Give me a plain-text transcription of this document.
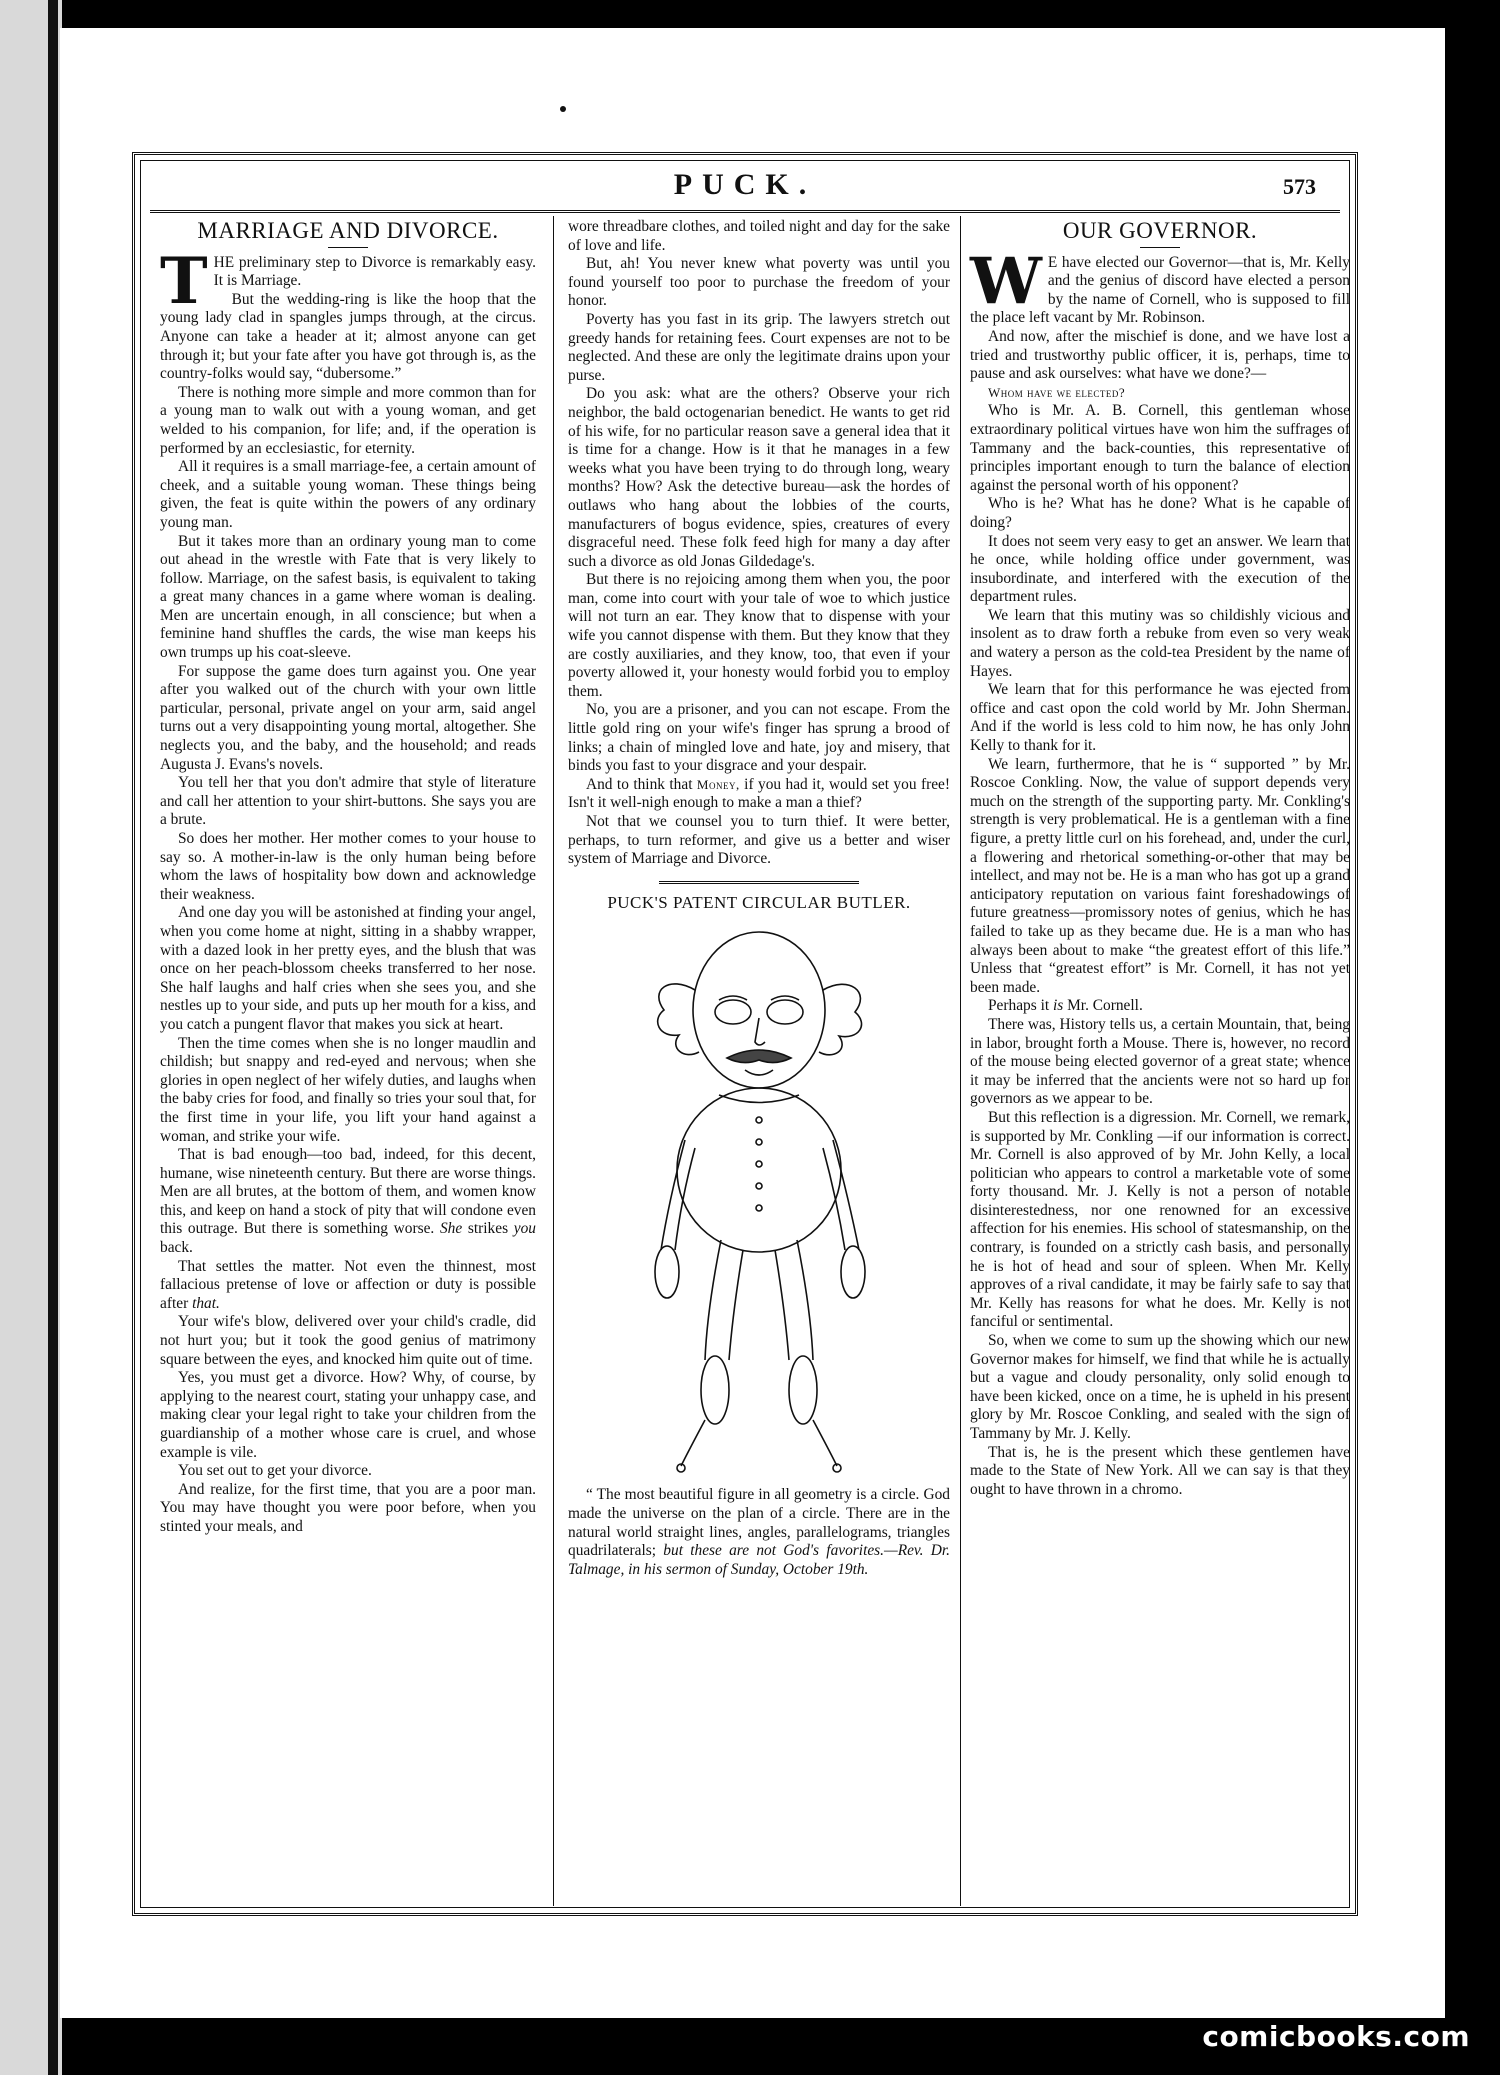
PUCK.	573
MARRIAGE AND DIVORCE.

THE preliminary step to Divorce is remarkably easy. It is Marriage.

But the wedding-ring is like the hoop that the young lady clad in spangles jumps through, at the circus. Anyone can take a header at it; almost anyone can get through it; but your fate after you have got through is, as the country-folks would say, “dubersome.”

There is nothing more simple and more common than for a young man to walk out with a young woman, and get welded to his companion, for life; and, if the operation is performed by an ecclesiastic, for eternity.

All it requires is a small marriage-fee, a certain amount of cheek, and a suitable young woman. These things being given, the feat is quite within the powers of any ordinary young man.

But it takes more than an ordinary young man to come out ahead in the wrestle with Fate that is very likely to follow. Marriage, on the safest basis, is equivalent to taking a great many chances in a game where woman is dealing. Men are uncertain enough, in all conscience; but when a feminine hand shuffles the cards, the wise man keeps his own trumps up his coat-sleeve.

For suppose the game does turn against you. One year after you walked out of the church with your own little particular, personal, private angel on your arm, said angel turns out a very disappointing young mortal, altogether. She neglects you, and the baby, and the household; and reads Augusta J. Evans's novels.

You tell her that you don't admire that style of literature and call her attention to your shirt-buttons. She says you are a brute.

So does her mother. Her mother comes to your house to say so. A mother-in-law is the only human being before whom the laws of hospitality bow down and acknowledge their weakness.

And one day you will be astonished at finding your angel, when you come home at night, sitting in a shabby wrapper, with a dazed look in her pretty eyes, and the blush that was once on her peach-blossom cheeks transferred to her nose. She half laughs and half cries when she sees you, and she nestles up to your side, and puts up her mouth for a kiss, and you catch a pungent flavor that makes you sick at heart.

Then the time comes when she is no longer maudlin and childish; but snappy and red-eyed and nervous; when she glories in open neglect of her wifely duties, and laughs when the baby cries for food, and finally so tries your soul that, for the first time in your life, you lift your hand against a woman, and strike your wife.

That is bad enough—too bad, indeed, for this decent, humane, wise nineteenth century. But there are worse things. Men are all brutes, at the bottom of them, and women know this, and keep on hand a stock of pity that will condone even this outrage. But there is something worse. She strikes you back.

That settles the matter. Not even the thinnest, most fallacious pretense of love or affection or duty is possible after that.

Your wife's blow, delivered over your child's cradle, did not hurt you; but it took the good genius of matrimony square between the eyes, and knocked him quite out of time.

Yes, you must get a divorce. How? Why, of course, by applying to the nearest court, stating your unhappy case, and making clear your legal right to take your children from the guardianship of a mother whose care is cruel, and whose example is vile.

You set out to get your divorce.

And realize, for the first time, that you are a poor man. You may have thought you were poor before, when you stinted your meals, and

wore threadbare clothes, and toiled night and day for the sake of love and life.

But, ah! You never knew what poverty was until you found yourself too poor to purchase the freedom of your honor.

Poverty has you fast in its grip. The lawyers stretch out greedy hands for retaining fees. Court expenses are not to be neglected. And these are only the legitimate drains upon your purse.

Do you ask: what are the others? Observe your rich neighbor, the bald octogenarian benedict. He wants to get rid of his wife, for no particular reason save a general idea that it is time for a change. How is it that he manages in a few weeks what you have been trying to do through long, weary months? How? Ask the detective bureau—ask the hordes of outlaws who hang about the lobbies of the courts, manufacturers of bogus evidence, spies, creatures of every disgraceful need. These folk feed high for many a day after such a divorce as old Jonas Gildedage's.

But there is no rejoicing among them when you, the poor man, come into court with your tale of woe to which justice will not turn an ear. They know that to dispense with your wife you cannot dispense with them. But they know that they are costly auxiliaries, and they know, too, that even if your poverty allowed it, your honesty would forbid you to employ them.

No, you are a prisoner, and you can not escape. From the little gold ring on your wife's finger has sprung a brood of links; a chain of mingled love and hate, joy and misery, that binds you fast to your disgrace and your despair.

And to think that Money, if you had it, would set you free! Isn't it well-nigh enough to make a man a thief?

Not that we counsel you to turn thief. It were better, perhaps, to turn reformer, and give us a better and wiser system of Marriage and Divorce.

PUCK'S PATENT CIRCULAR BUTLER.

“ The most beautiful figure in all geometry is a circle. God made the universe on the plan of a circle. There are in the natural world straight lines, angles, parallelograms, triangles quadrilaterals; but these are not God's favorites.—Rev. Dr. Talmage, in his sermon of Sunday, October 19th.

OUR GOVERNOR.

W E have elected our Governor—that is, Mr. Kelly and the genius of discord have elected a person by the name of Cornell, who is supposed to fill the place left vacant by Mr. Robinson.

And now, after the mischief is done, and we have lost a tried and trustworthy public officer, it is, perhaps, time to pause and ask ourselves: what have we done?—

Whom have we elected?

Who is Mr. A. B. Cornell, this gentleman whose extraordinary political virtues have won him the suffrages of Tammany and the back-counties, this representative of principles important enough to turn the balance of election against the personal worth of his opponent?

Who is he? What has he done? What is he capable of doing?

It does not seem very easy to get an answer. We learn that he once, while holding office under government, was insubordinate, and interfered with the execution of the department rules.

We learn that this mutiny was so childishly vicious and insolent as to draw forth a rebuke from even so very weak and watery a person as the cold-tea President by the name of Hayes.

We learn that for this performance he was ejected from office and cast opon the cold world by Mr. John Sherman. And if the world is less cold to him now, he has only John Kelly to thank for it.

We learn, furthermore, that he is “ supported ” by Mr. Roscoe Conkling. Now, the value of support depends very much on the strength of the supporting party. Mr. Conkling's strength is very problematical. He is a gentleman with a fine figure, a pretty little curl on his forehead, and, under the curl, a flowering and rhetorical something-or-other that may be intellect, and may not be. He is a man who has got up a grand anticipatory reputation on various faint foreshadowings of future greatness—promissory notes of genius, which he has failed to take up as they became due. He is a man who has always been about to make “the greatest effort of this life.” Unless that “greatest effort” is Mr. Cornell, it has not yet been made.

Perhaps it is Mr. Cornell.

There was, History tells us, a certain Mountain, that, being in labor, brought forth a Mouse. There is, however, no record of the mouse being elected governor of a great state; whence it may be inferred that the ancients were not so hard up for governors as we appear to be.

But this reflection is a digression. Mr. Cornell, we remark, is supported by Mr. Conkling —if our information is correct. Mr. Cornell is also approved of by Mr. John Kelly, a local politician who appears to control a marketable vote of some forty thousand. Mr. J. Kelly is not a person of notable disinterestedness, nor one renowned for an excessive affection for his enemies. His school of statesmanship, on the contrary, is founded on a strictly cash basis, and personally he is hot of head and sour of spleen. When Mr. Kelly approves of a rival candidate, it may be fairly safe to say that Mr. Kelly has reasons for what he does. Mr. Kelly is not fanciful or sentimental.

So, when we come to sum up the showing which our new Governor makes for himself, we find that while he is actually but a vague and cloudy personality, only solid enough to have been kicked, once on a time, he is upheld in his present glory by Mr. Roscoe Conkling, and sealed with the sign of Tammany by Mr. J. Kelly.

That is, he is the present which these gentlemen have made to the State of New York. All we can say is that they ought to have thrown in a chromo.

comicbooks.com
